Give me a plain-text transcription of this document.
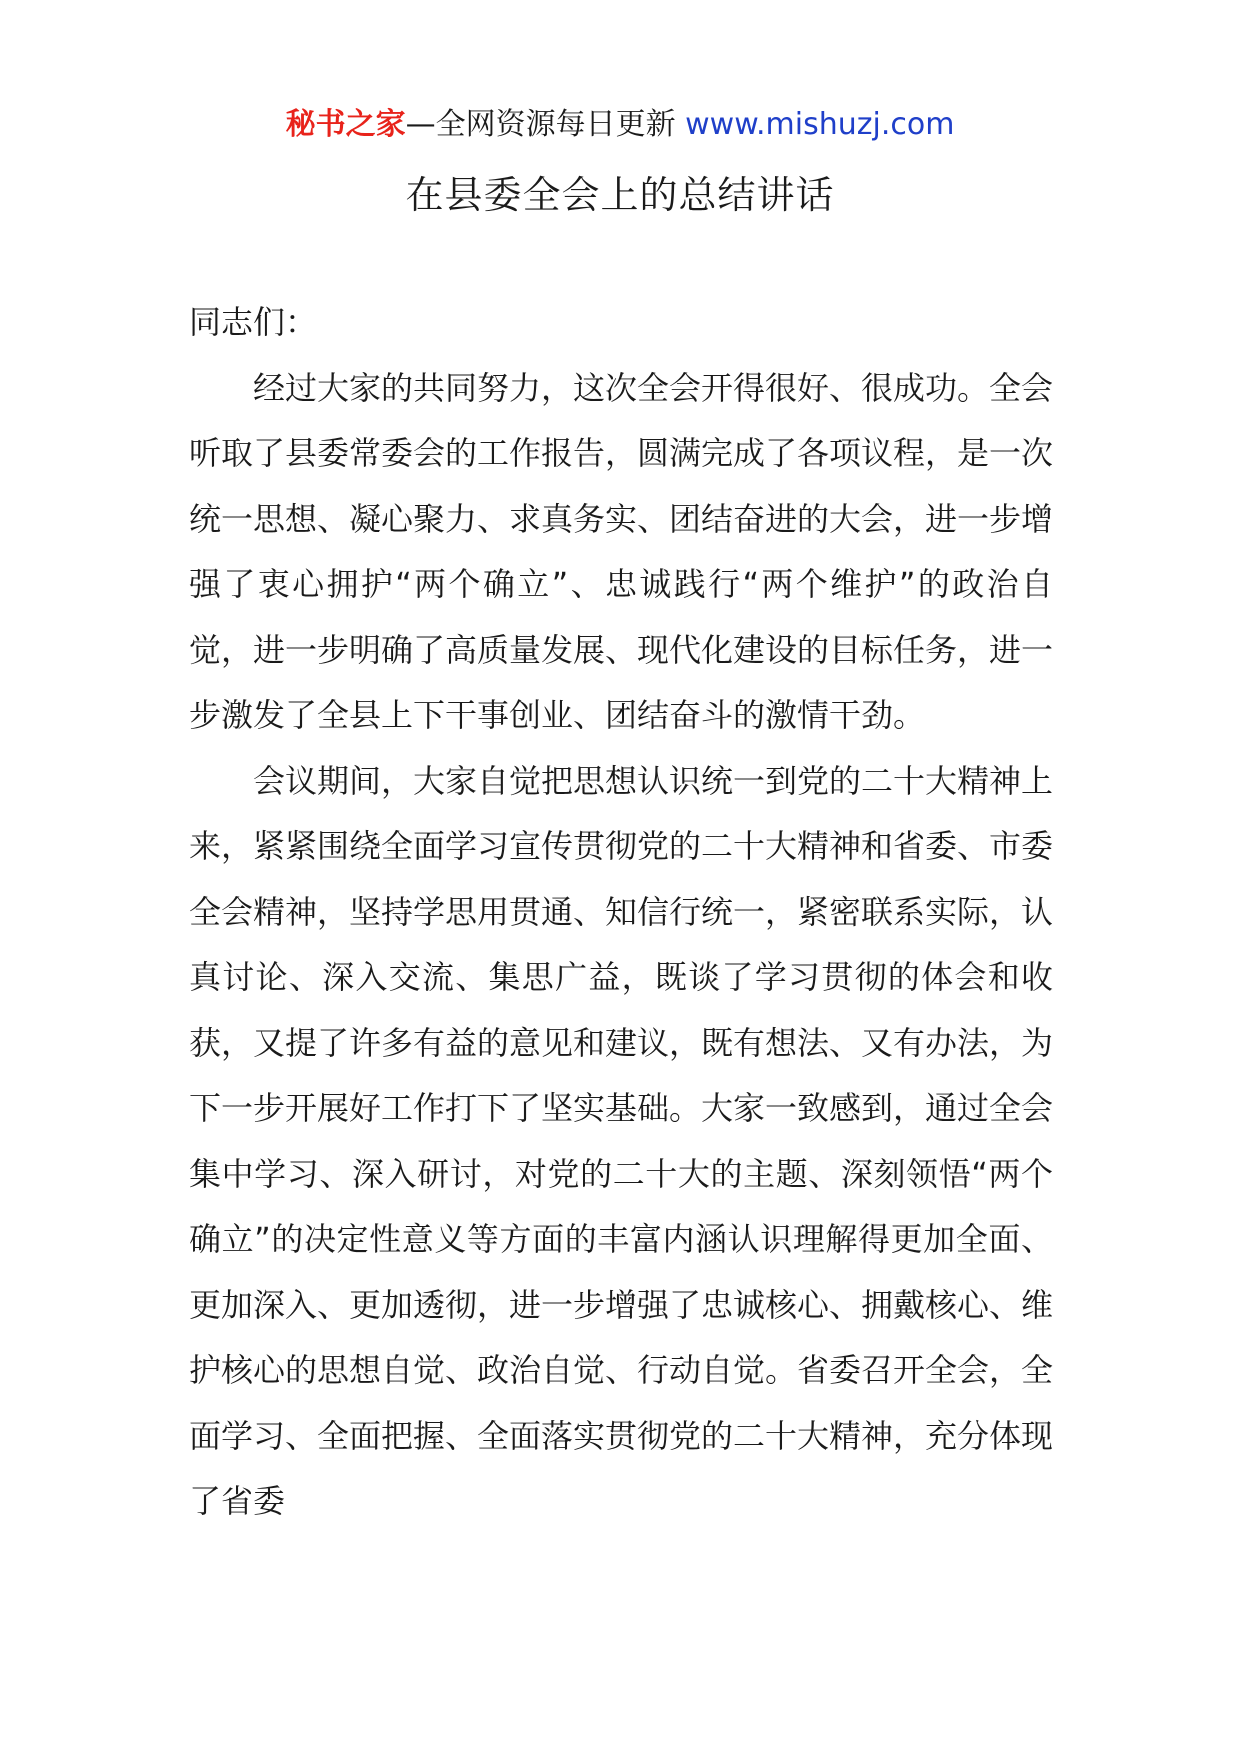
秘书之家—全网资源每日更新 www.mishuzj.com
在县委全会上的总结讲话

同志们：

经过大家的共同努力，这次全会开得很好、很成功。全会听取了县委常委会的工作报告，圆满完成了各项议程，是一次统一思想、凝心聚力、求真务实、团结奋进的大会，进一步增强了衷心拥护“两个确立”、忠诚践行“两个维护”的政治自觉，进一步明确了高质量发展、现代化建设的目标任务，进一步激发了全县上下干事创业、团结奋斗的激情干劲。

会议期间，大家自觉把思想认识统一到党的二十大精神上来，紧紧围绕全面学习宣传贯彻党的二十大精神和省委、市委全会精神，坚持学思用贯通、知信行统一，紧密联系实际，认真讨论、深入交流、集思广益，既谈了学习贯彻的体会和收获，又提了许多有益的意见和建议，既有想法、又有办法，为下一步开展好工作打下了坚实基础。大家一致感到，通过全会集中学习、深入研讨，对党的二十大的主题、深刻领悟“两个确立”的决定性意义等方面的丰富内涵认识理解得更加全面、更加深入、更加透彻，进一步增强了忠诚核心、拥戴核心、维护核心的思想自觉、政治自觉、行动自觉。省委召开全会，全面学习、全面把握、全面落实贯彻党的二十大精神，充分体现了省委
